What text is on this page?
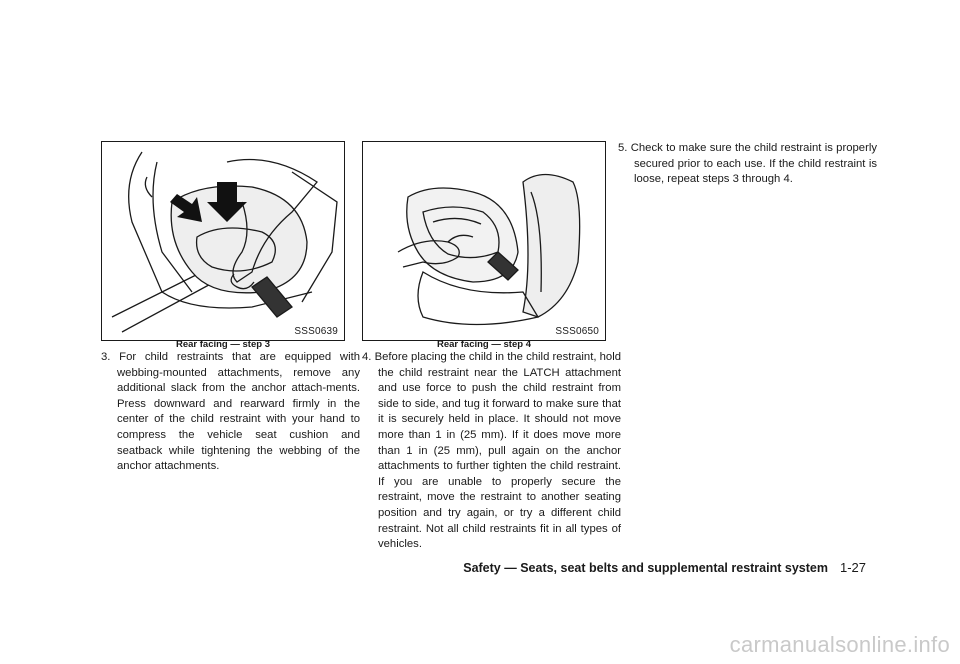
SSS0639
Rear facing — step 3
SSS0650
Rear facing — step 4
3. For child restraints that are equipped with webbing-mounted attachments, remove any additional slack from the anchor attach-ments. Press downward and rearward firmly in the center of the child restraint with your hand to compress the vehicle seat cushion and seatback while tightening the webbing of the anchor attachments.
4. Before placing the child in the child restraint, hold the child restraint near the LATCH attachment and use force to push the child restraint from side to side, and tug it forward to make sure that it is securely held in place. It should not move more than 1 in (25 mm). If it does move more than 1 in (25 mm), pull again on the anchor attachments to further tighten the child restraint. If you are unable to properly secure the restraint, move the restraint to another seating position and try again, or try a different child restraint. Not all child restraints fit in all types of vehicles.
5. Check to make sure the child restraint is properly secured prior to each use. If the child restraint is loose, repeat steps 3 through 4.
Safety — Seats, seat belts and supplemental restraint system 1-27
carmanualsonline.info
